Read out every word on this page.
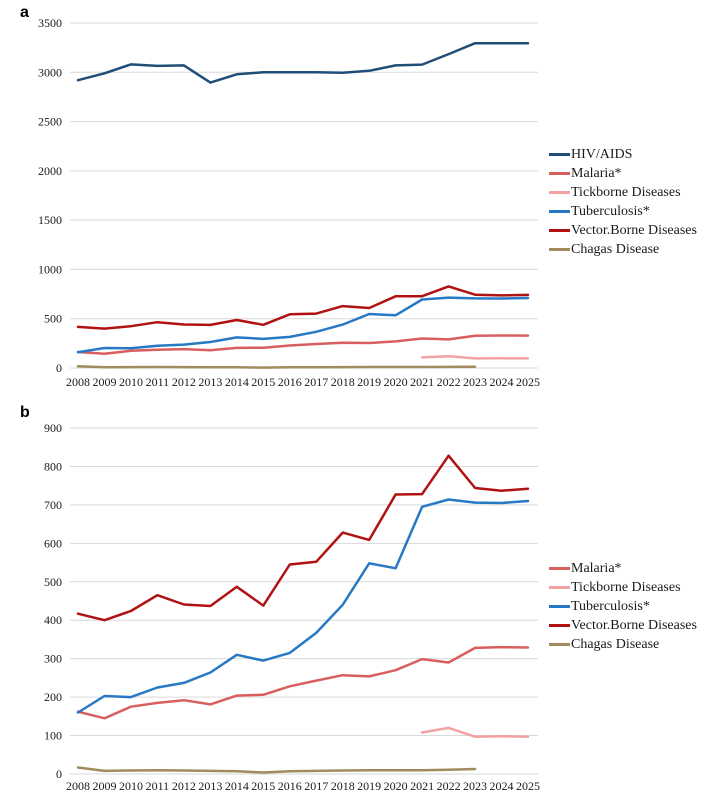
a
0
500
1000
1500
2000
2500
3000
3500
2008 2009 2010 2011 2012 2013 2014 2015 2016 2017 2018 2019 2020 2021 2022 2023 2024 2025
HIV/AIDS
Malaria*
Tickborne Diseases
Tuberculosis*
Vector.Borne Diseases
Chagas Disease
b
0
100
200
300
400
500
600
700
800
900
2008 2009 2010 2011 2012 2013 2014 2015 2016 2017 2018 2019 2020 2021 2022 2023 2024 2025
Malaria*
Tickborne Diseases
Tuberculosis*
Vector.Borne Diseases
Chagas Disease
